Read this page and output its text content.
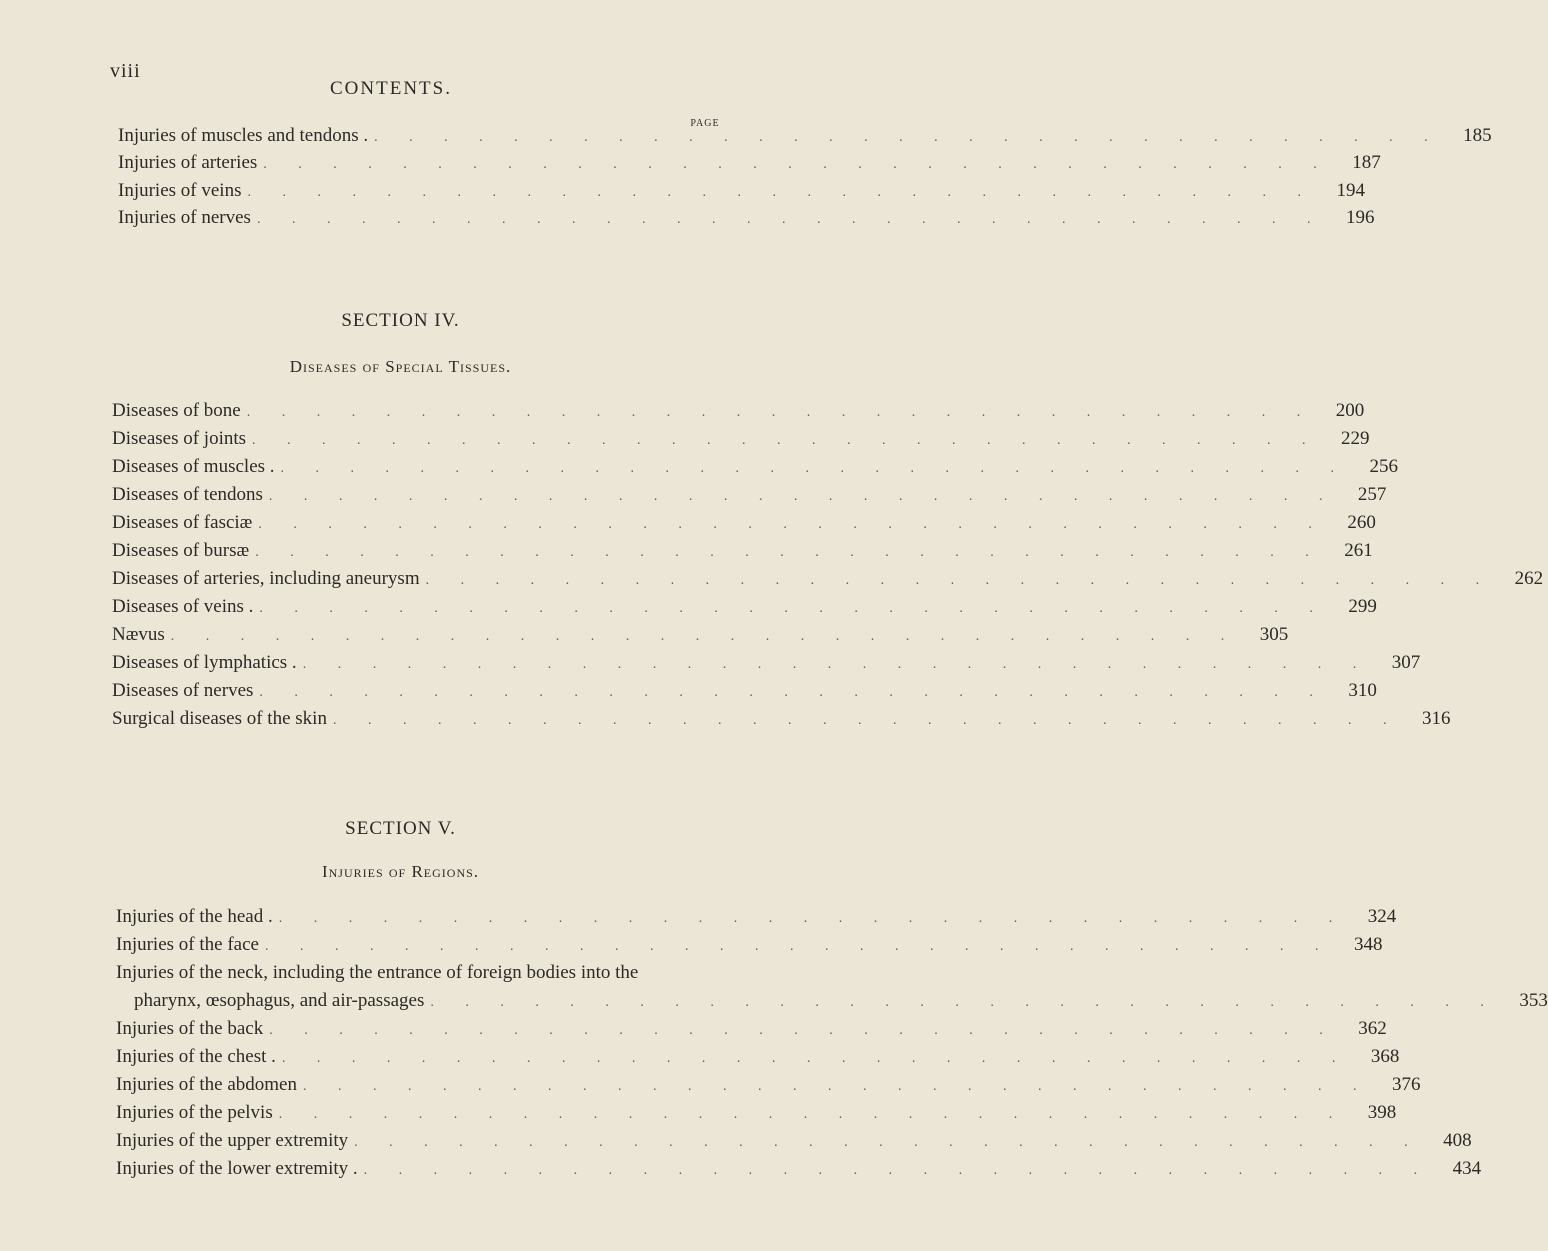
viii
CONTENTS.
PAGE
Injuries of muscles and tendons . . . . . . . . . . . . . . . . . . . . . . . . . . . . . . . .	185
Injuries of arteries . . . . . . . . . . . . . . . . . . . . . . . . . . . . . . .	187
Injuries of veins . . . . . . . . . . . . . . . . . . . . . . . . . . . . . . .	194
Injuries of nerves . . . . . . . . . . . . . . . . . . . . . . . . . . . . . . .	196
SECTION IV.
Diseases of Special Tissues.
Diseases of bone . . . . . . . . . . . . . . . . . . . . . . . . . . . . . . .	200
Diseases of joints . . . . . . . . . . . . . . . . . . . . . . . . . . . . . . .	229
Diseases of muscles . . . . . . . . . . . . . . . . . . . . . . . . . . . . . . . .	256
Diseases of tendons . . . . . . . . . . . . . . . . . . . . . . . . . . . . . . .	257
Diseases of fasciæ . . . . . . . . . . . . . . . . . . . . . . . . . . . . . . .	260
Diseases of bursæ . . . . . . . . . . . . . . . . . . . . . . . . . . . . . . .	261
Diseases of arteries, including aneurysm . . . . . . . . . . . . . . . . . . . . . . . . . . . . . . .	262
Diseases of veins . . . . . . . . . . . . . . . . . . . . . . . . . . . . . . . .	299
Nævus . . . . . . . . . . . . . . . . . . . . . . . . . . . . . . .	305
Diseases of lymphatics . . . . . . . . . . . . . . . . . . . . . . . . . . . . . . . .	307
Diseases of nerves . . . . . . . . . . . . . . . . . . . . . . . . . . . . . . .	310
Surgical diseases of the skin . . . . . . . . . . . . . . . . . . . . . . . . . . . . . . .	316
SECTION V.
Injuries of Regions.
Injuries of the head . . . . . . . . . . . . . . . . . . . . . . . . . . . . . . . .	324
Injuries of the face . . . . . . . . . . . . . . . . . . . . . . . . . . . . . . .	348
Injuries of the neck, including the entrance of foreign bodies into the
pharynx, œsophagus, and air-passages . . . . . . . . . . . . . . . . . . . . . . . . . . . . . . .	353
Injuries of the back . . . . . . . . . . . . . . . . . . . . . . . . . . . . . . .	362
Injuries of the chest . . . . . . . . . . . . . . . . . . . . . . . . . . . . . . . .	368
Injuries of the abdomen . . . . . . . . . . . . . . . . . . . . . . . . . . . . . . .	376
Injuries of the pelvis . . . . . . . . . . . . . . . . . . . . . . . . . . . . . . .	398
Injuries of the upper extremity . . . . . . . . . . . . . . . . . . . . . . . . . . . . . . .	408
Injuries of the lower extremity . . . . . . . . . . . . . . . . . . . . . . . . . . . . . . . .	434
